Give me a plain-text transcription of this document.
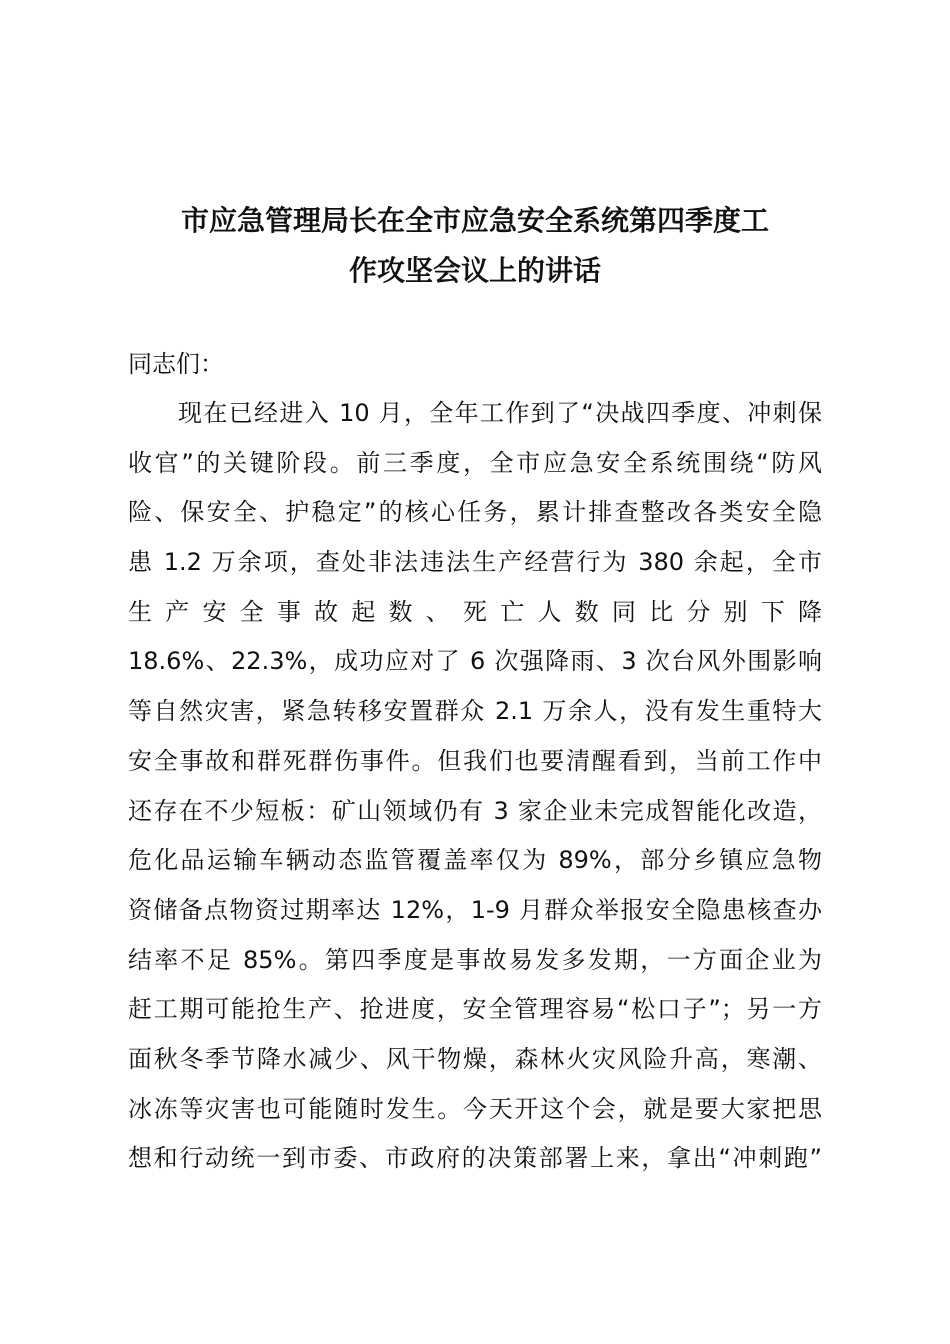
市应急管理局长在全市应急安全系统第四季度工
作攻坚会议上的讲话
同志们：
现在已经进入 10 月，全年工作到了“决战四季度、冲刺保
收官”的关键阶段。前三季度，全市应急安全系统围绕“防风
险、保安全、护稳定”的核心任务，累计排查整改各类安全隐
患 1.2 万余项，查处非法违法生产经营行为 380 余起，全市
生产安全事故起数、死亡人数同比分别下降
18.6%、22.3%，成功应对了 6 次强降雨、3 次台风外围影响
等自然灾害，紧急转移安置群众 2.1 万余人，没有发生重特大
安全事故和群死群伤事件。但我们也要清醒看到，当前工作中
还存在不少短板：矿山领域仍有 3 家企业未完成智能化改造，
危化品运输车辆动态监管覆盖率仅为 89%，部分乡镇应急物
资储备点物资过期率达 12%，1-9 月群众举报安全隐患核查办
结率不足 85%。第四季度是事故易发多发期，一方面企业为
赶工期可能抢生产、抢进度，安全管理容易“松口子”；另一方
面秋冬季节降水减少、风干物燥，森林火灾风险升高，寒潮、
冰冻等灾害也可能随时发生。今天开这个会，就是要大家把思
想和行动统一到市委、市政府的决策部署上来，拿出“冲刺跑”
